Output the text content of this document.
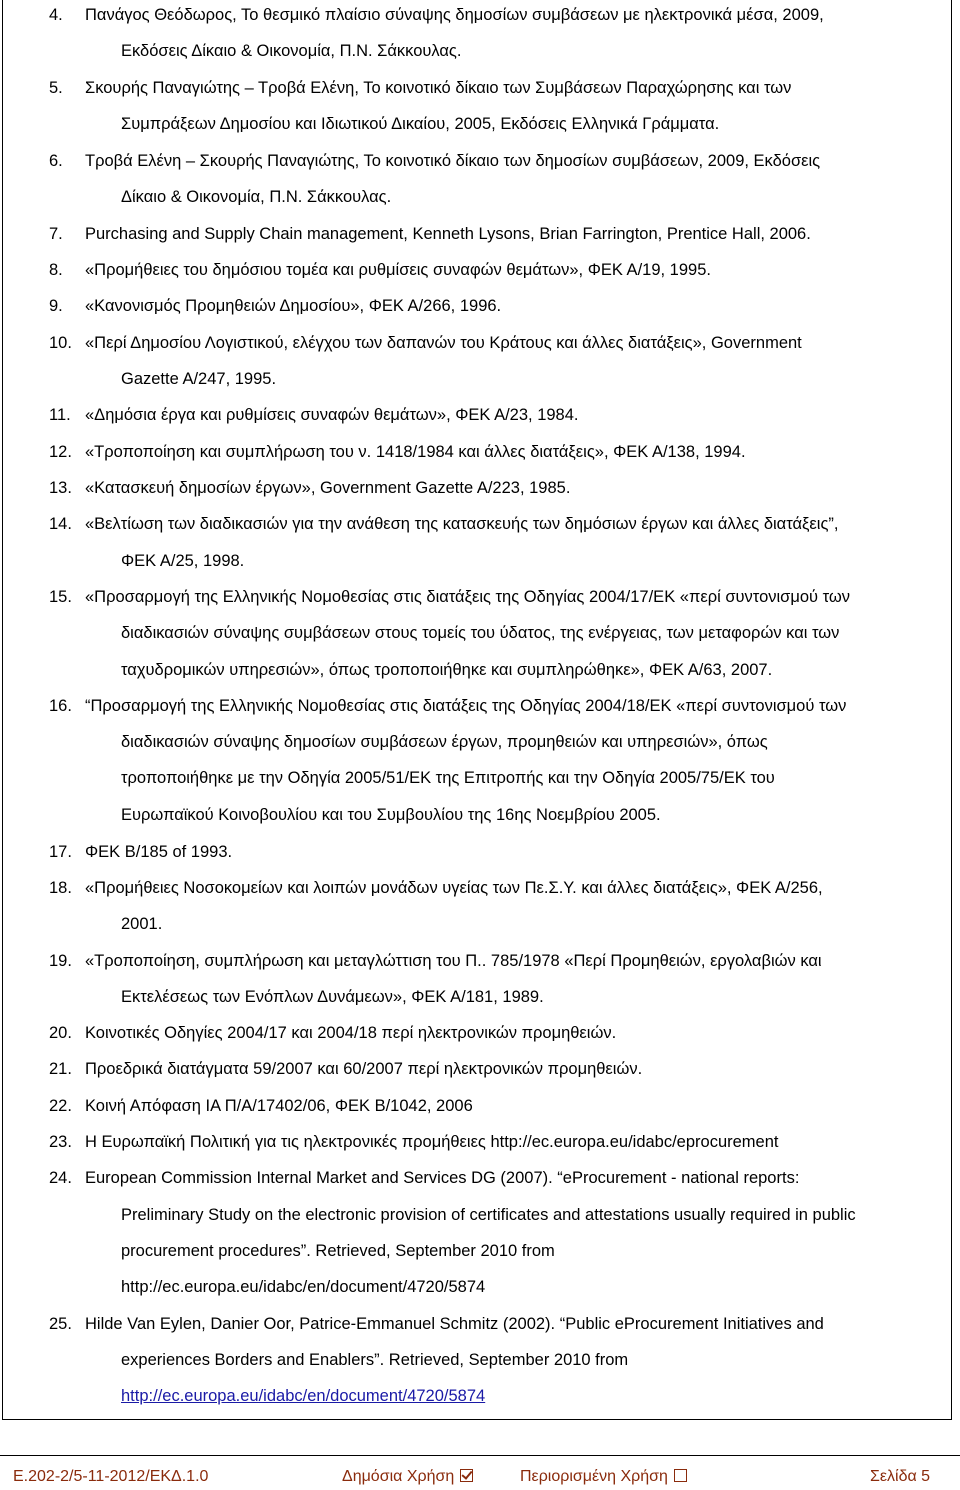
4.	Πανάγος Θεόδωρος, Το θεσμικό πλαίσιο σύναψης δημοσίων συμβάσεων με ηλεκτρονικά μέσα, 2009,
Εκδόσεις Δίκαιο & Οικονομία, Π.Ν. Σάκκουλας.
5.	Σκουρής Παναγιώτης – Τροβά Ελένη, Το κοινοτικό δίκαιο των Συμβάσεων Παραχώρησης και των
Συμπράξεων Δημοσίου και Ιδιωτικού Δικαίου, 2005, Εκδόσεις Ελληνικά Γράμματα.
6.	Τροβά Ελένη – Σκουρής Παναγιώτης, Το κοινοτικό δίκαιο των δημοσίων συμβάσεων, 2009, Εκδόσεις
Δίκαιο & Οικονομία, Π.Ν. Σάκκουλας.
7.	Purchasing and Supply Chain management, Kenneth Lysons, Brian Farrington, Prentice Hall, 2006.
8.	«Προμήθειες του δημόσιου τομέα και ρυθμίσεις συναφών θεμάτων», ΦΕΚ Α/19, 1995.
9.	«Κανονισμός Προμηθειών Δημοσίου», ΦΕΚ Α/266, 1996.
10. «Περί Δημοσίου Λογιστικού, ελέγχου των δαπανών του Κράτους και άλλες διατάξεις», Government
Gazette A/247, 1995.
11. «Δημόσια έργα και ρυθμίσεις συναφών θεμάτων», ΦΕΚ Α/23, 1984.
12. «Τροποποίηση και συμπλήρωση του ν. 1418/1984 και άλλες διατάξεις», ΦΕΚ Α/138, 1994.
13. «Κατασκευή δημοσίων έργων», Government Gazette A/223, 1985.
14. «Βελτίωση των διαδικασιών για την ανάθεση της κατασκευής των δημόσιων έργων και άλλες διατάξεις”,
ΦΕΚ Α/25, 1998.
15. «Προσαρμογή της Ελληνικής Νομοθεσίας στις διατάξεις της Οδηγίας 2004/17/ΕΚ «περί συντονισμού των
διαδικασιών σύναψης συμβάσεων στους τομείς του ύδατος, της ενέργειας, των μεταφορών και των
ταχυδρομικών υπηρεσιών», όπως τροποποιήθηκε και συμπληρώθηκε», ΦΕΚ Α/63, 2007.
16. “Προσαρμογή της Ελληνικής Νομοθεσίας στις διατάξεις της Οδηγίας 2004/18/ΕΚ «περί συντονισμού των
διαδικασιών σύναψης δημοσίων συμβάσεων έργων, προμηθειών και υπηρεσιών», όπως
τροποποιήθηκε με την Οδηγία 2005/51/ΕΚ της Επιτροπής και την Οδηγία 2005/75/ΕΚ του
Ευρωπαϊκού Κοινοβουλίου και του Συμβουλίου της 16ης Νοεμβρίου 2005.
17. ΦΕΚ Β/185 of 1993.
18. «Προμήθειες Νοσοκομείων και λοιπών μονάδων υγείας των Πε.Σ.Υ. και άλλες διατάξεις», ΦΕΚ Α/256,
2001.
19. «Τροποποίηση, συμπλήρωση και μεταγλώττιση του Π.. 785/1978 «Περί Προμηθειών, εργολαβιών και
Εκτελέσεως των Ενόπλων Δυνάμεων», ΦΕΚ Α/181, 1989.
20. Κοινοτικές Οδηγίες 2004/17 και 2004/18 περί ηλεκτρονικών προμηθειών.
21. Προεδρικά διατάγματα 59/2007 και 60/2007 περί ηλεκτρονικών προμηθειών.
22. Κοινή Απόφαση ΙΑ Π/Α/17402/06, ΦΕΚ Β/1042, 2006
23. Η Ευρωπαϊκή Πολιτική για τις ηλεκτρονικές προμήθειες http://ec.europa.eu/idabc/eprocurement
24. European Commission Internal Market and Services DG (2007). “eProcurement - national reports:
Preliminary Study on the electronic provision of certificates and attestations usually required in public
procurement procedures”. Retrieved, September 2010 from
http://ec.europa.eu/idabc/en/document/4720/5874
25. Hilde Van Eylen, Danier Oor, Patrice-Emmanuel Schmitz (2002). “Public eProcurement Initiatives and
experiences Borders and Enablers”. Retrieved, September 2010 from
http://ec.europa.eu/idabc/en/document/4720/5874
Ε.202-2/5-11-2012/ΕΚΔ.1.0	Δημόσια Χρήση	Περιορισμένη Χρήση	Σελίδα 5
